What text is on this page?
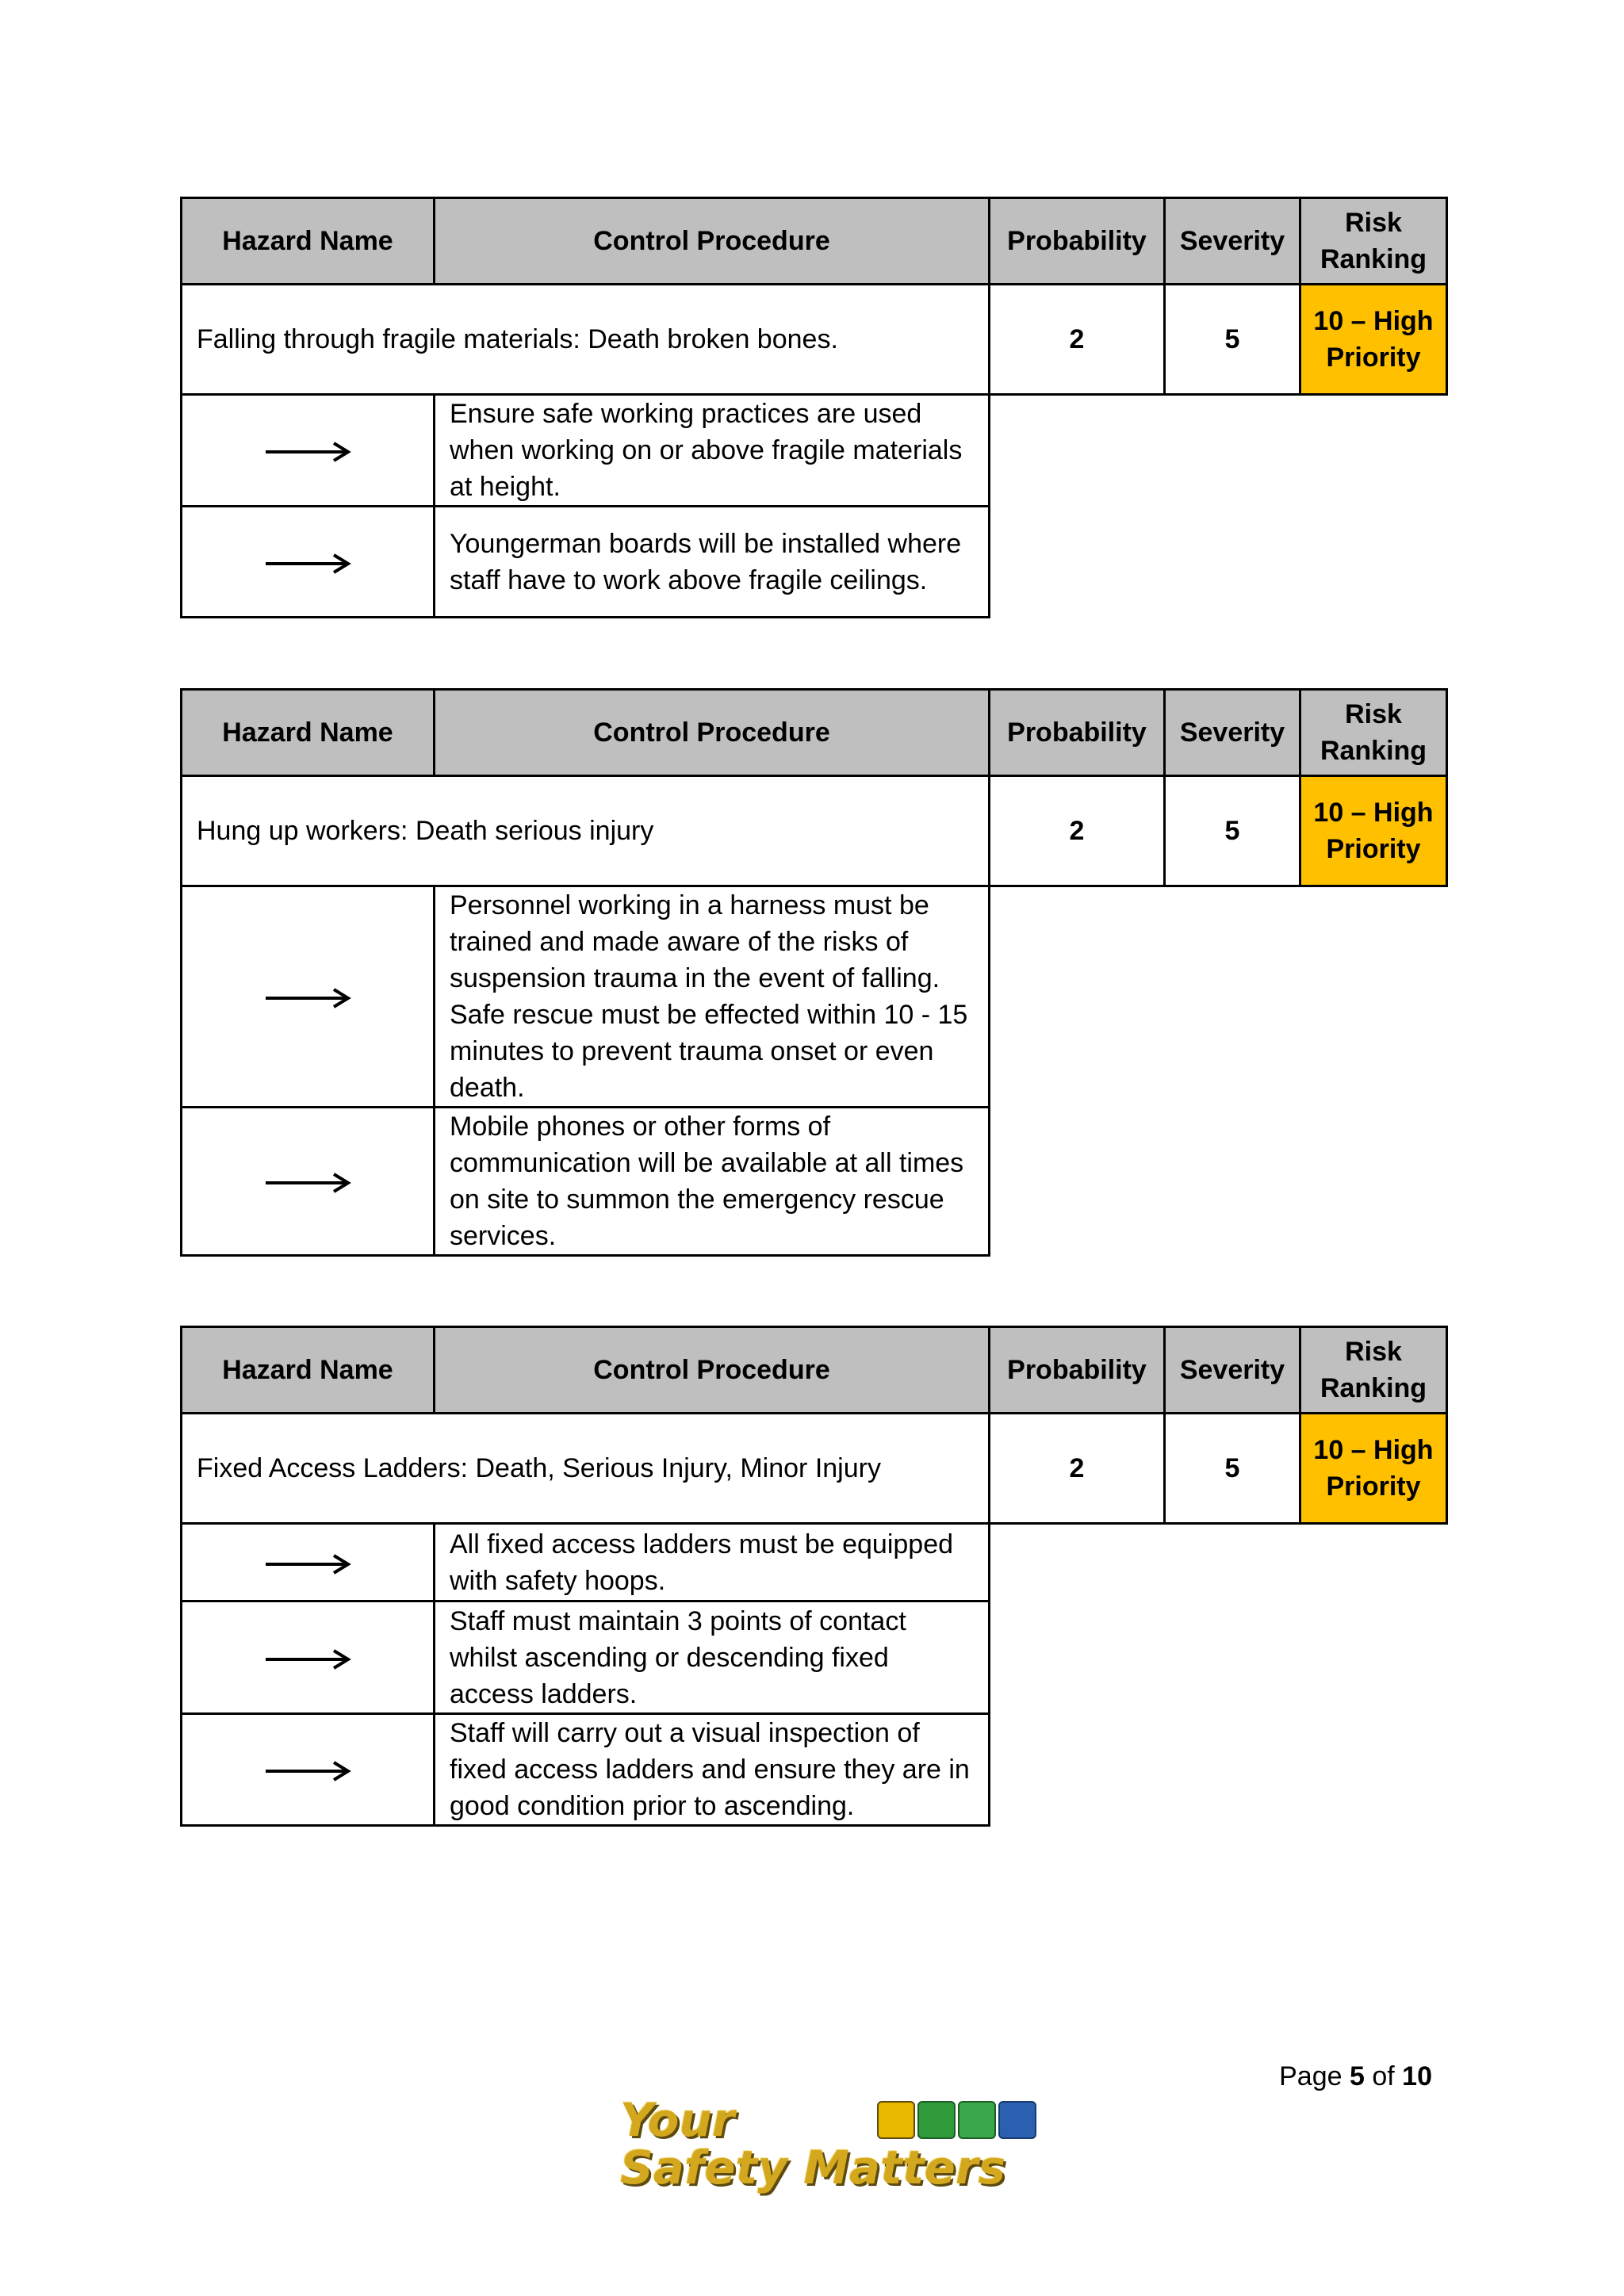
Hazard Name	Control Procedure	Probability	Severity	Risk Ranking
Falling through fragile materials: Death broken bones.		2	5	10 – High Priority
	Ensure safe working practices are used when working on or above fragile materials at height.			
	Youngerman boards will be installed where staff have to work above fragile ceilings.			
Hazard Name	Control Procedure	Probability	Severity	Risk Ranking
Hung up workers: Death serious injury		2	5	10 – High Priority
	Personnel working in a harness must be trained and made aware of the risks of suspension trauma in the event of falling. Safe rescue must be effected within 10 - 15 minutes to prevent trauma onset or even death.			
	Mobile phones or other forms of communication will be available at all times on site to summon the emergency rescue services.			
Hazard Name	Control Procedure	Probability	Severity	Risk Ranking
Fixed Access Ladders: Death, Serious Injury, Minor Injury		2	5	10 – High Priority
	All fixed access ladders must be equipped with safety hoops.			
	Staff must maintain 3 points of contact whilst ascending or descending fixed access ladders.			
	Staff will carry out a visual inspection of fixed access ladders and ensure they are in good condition prior to ascending.			
Page 5 of 10
Your
Safety Matters
